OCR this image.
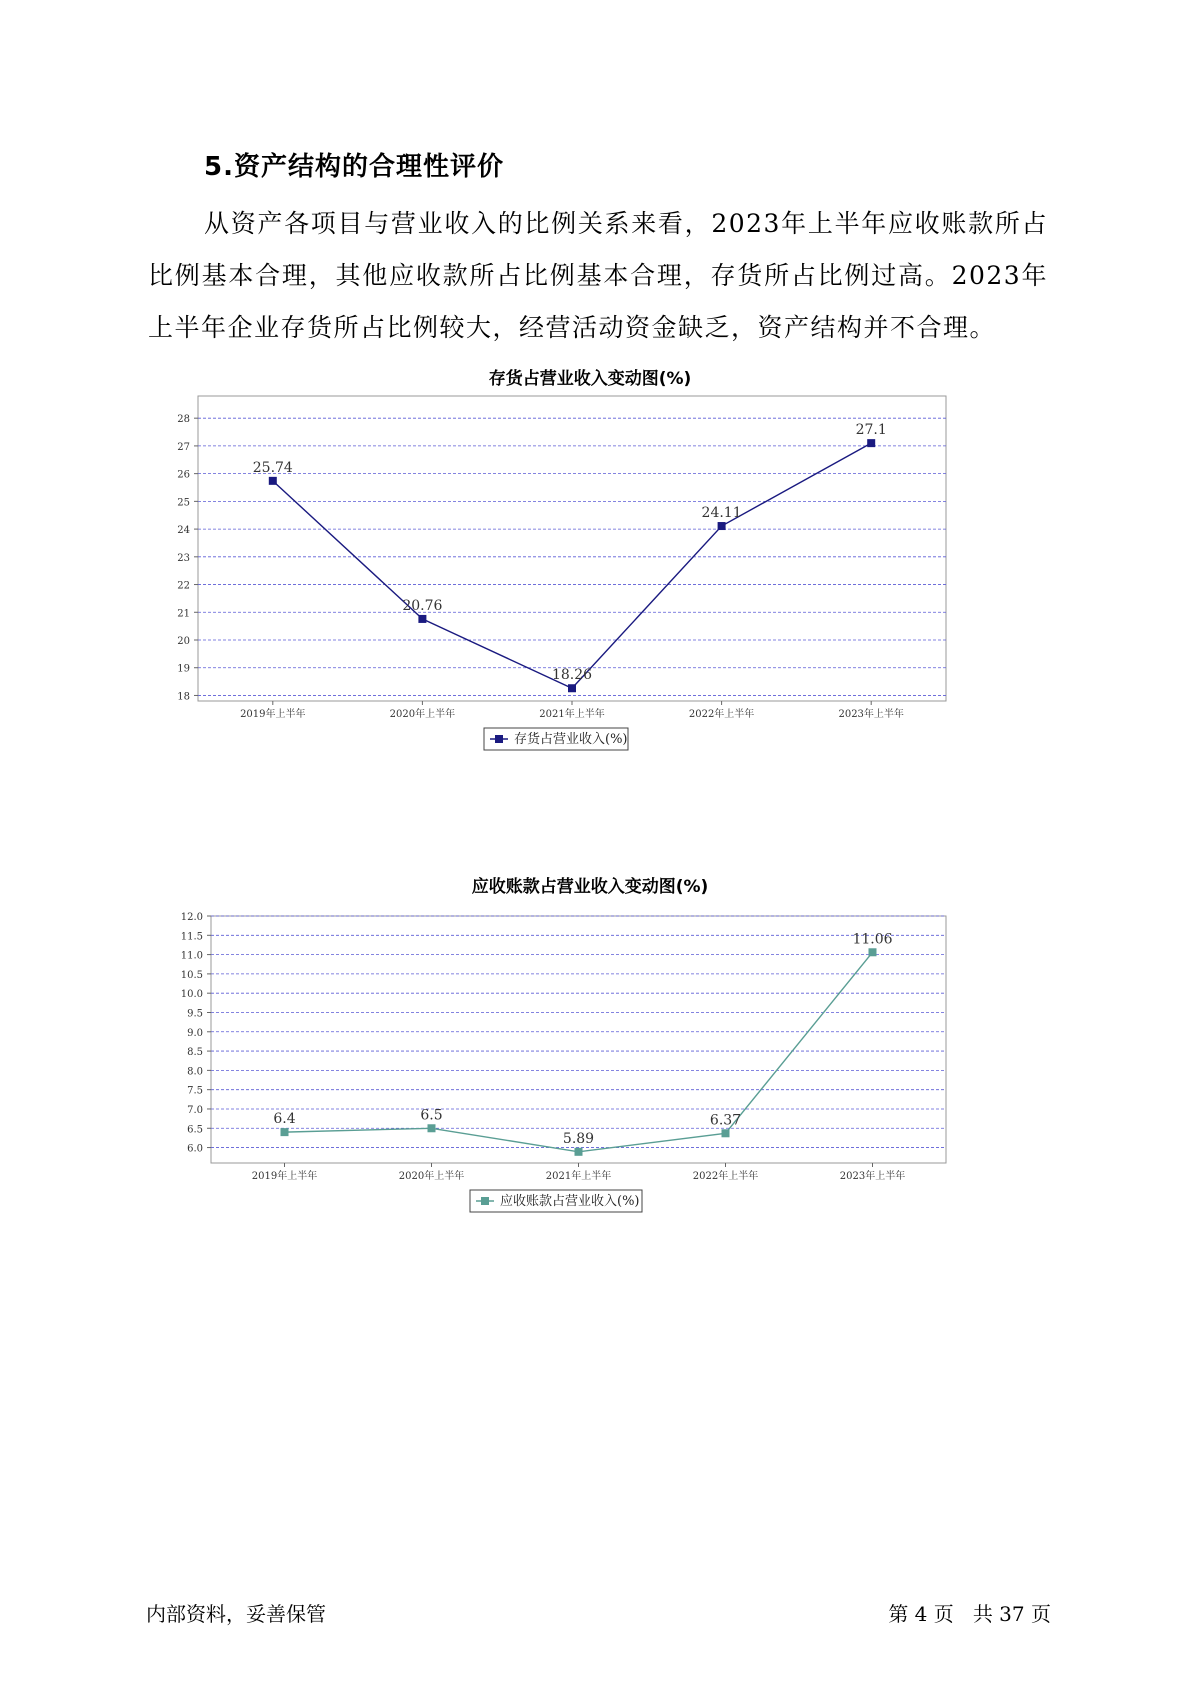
5.资产结构的合理性评价

从资产各项目与营业收入的比例关系来看，2023年上半年应收账款所占比例基本合理，其他应收款所占比例基本合理，存货所占比例过高。2023年上半年企业存货所占比例较大，经营活动资金缺乏，资产结构并不合理。

存货占营业收入变动图(%)
18
19
20
21
22
23
24
25
26
27
28
2019年上半年	2020年上半年	2021年上半年	2022年上半年	2023年上半年
25.74
20.76
18.26
24.11
27.1
存货占营业收入(%)
应收账款占营业收入变动图(%)
6.0
6.5
7.0
7.5
8.0
8.5
9.0
9.5
10.0
10.5
11.0
11.5
12.0
2019年上半年	2020年上半年	2021年上半年	2022年上半年	2023年上半年
6.4	6.5
5.89
6.37
11.06
应收账款占营业收入(%)
内部资料，妥善保管	第 4 页   共 37 页
